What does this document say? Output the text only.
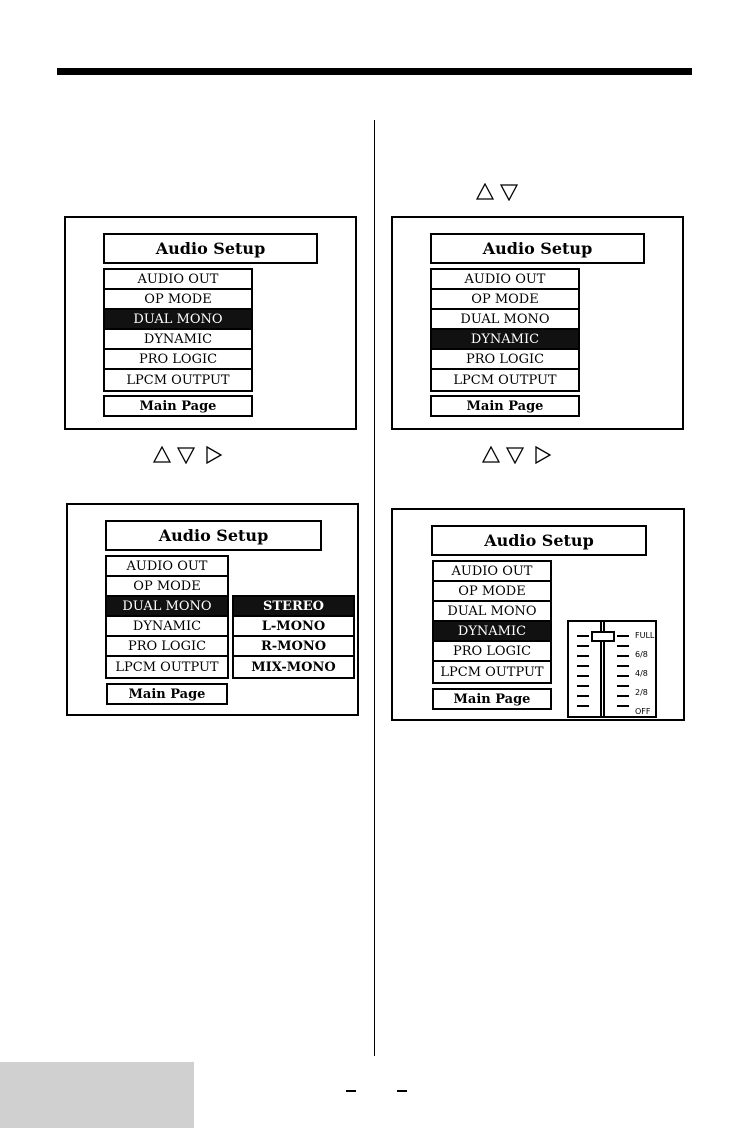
Audio Setup
AUDIO OUT
OP MODE
DUAL MONO
DYNAMIC
PRO LOGIC
LPCM OUTPUT
Main Page
Audio Setup
AUDIO OUT
OP MODE
DUAL MONO
DYNAMIC
PRO LOGIC
LPCM OUTPUT
Main Page
Audio Setup
AUDIO OUT
OP MODE
DUAL MONO
DYNAMIC
PRO LOGIC
LPCM OUTPUT
STEREO
L-MONO
R-MONO
MIX-MONO
Main Page
Audio Setup
AUDIO OUT
OP MODE
DUAL MONO
DYNAMIC
PRO LOGIC
LPCM OUTPUT
Main Page
FULL
6/8
4/8
2/8
OFF
